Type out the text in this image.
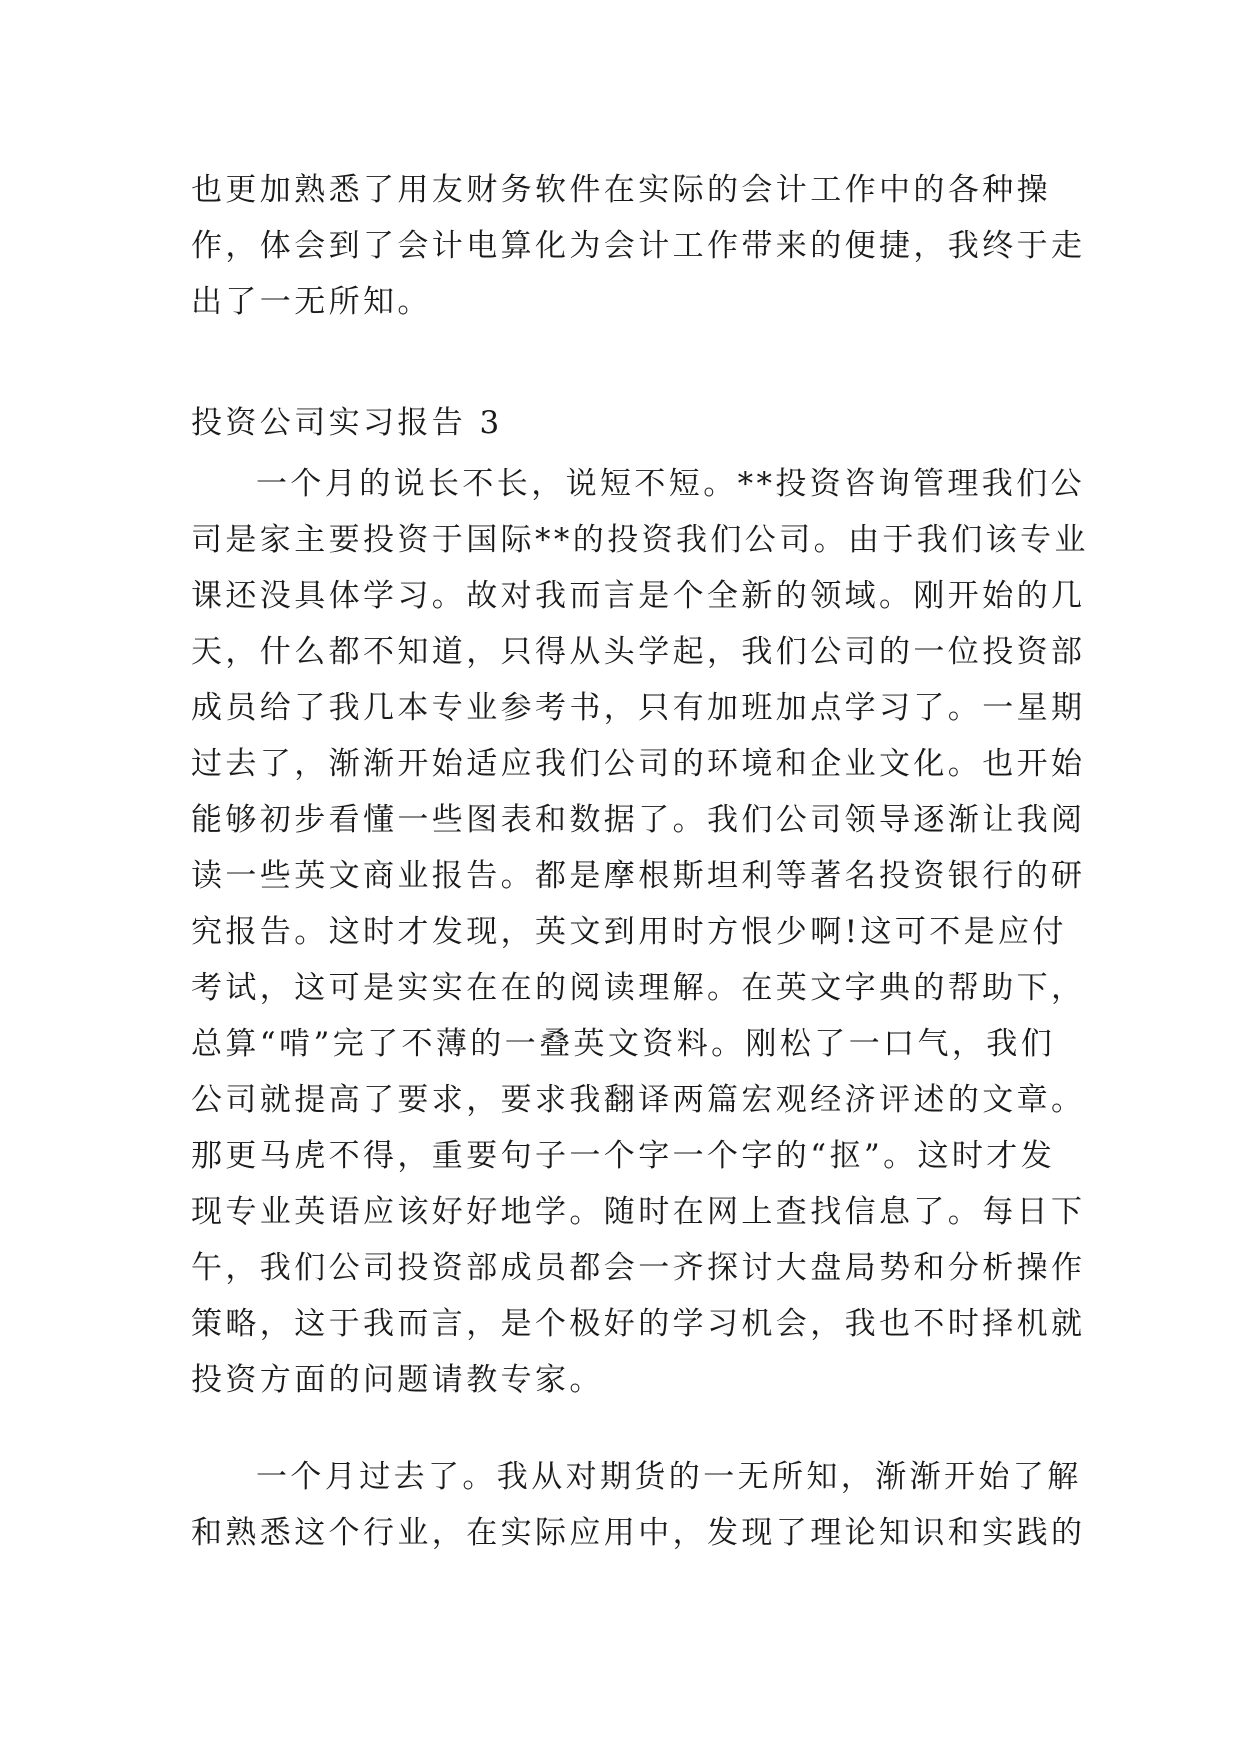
也更加熟悉了用友财务软件在实际的会计工作中的各种操
作，体会到了会计电算化为会计工作带来的便捷，我终于走
出了一无所知。
投资公司实习报告 3
一个月的说长不长，说短不短。**投资咨询管理我们公
司是家主要投资于国际**的投资我们公司。由于我们该专业
课还没具体学习。故对我而言是个全新的领域。刚开始的几
天，什么都不知道，只得从头学起，我们公司的一位投资部
成员给了我几本专业参考书，只有加班加点学习了。一星期
过去了，渐渐开始适应我们公司的环境和企业文化。也开始
能够初步看懂一些图表和数据了。我们公司领导逐渐让我阅
读一些英文商业报告。都是摩根斯坦利等著名投资银行的研
究报告。这时才发现，英文到用时方恨少啊!这可不是应付
考试，这可是实实在在的阅读理解。在英文字典的帮助下，
总算“啃”完了不薄的一叠英文资料。刚松了一口气，我们
公司就提高了要求，要求我翻译两篇宏观经济评述的文章。
那更马虎不得，重要句子一个字一个字的“抠”。这时才发
现专业英语应该好好地学。随时在网上查找信息了。每日下
午，我们公司投资部成员都会一齐探讨大盘局势和分析操作
策略，这于我而言，是个极好的学习机会，我也不时择机就
投资方面的问题请教专家。
一个月过去了。我从对期货的一无所知，渐渐开始了解
和熟悉这个行业，在实际应用中，发现了理论知识和实践的
